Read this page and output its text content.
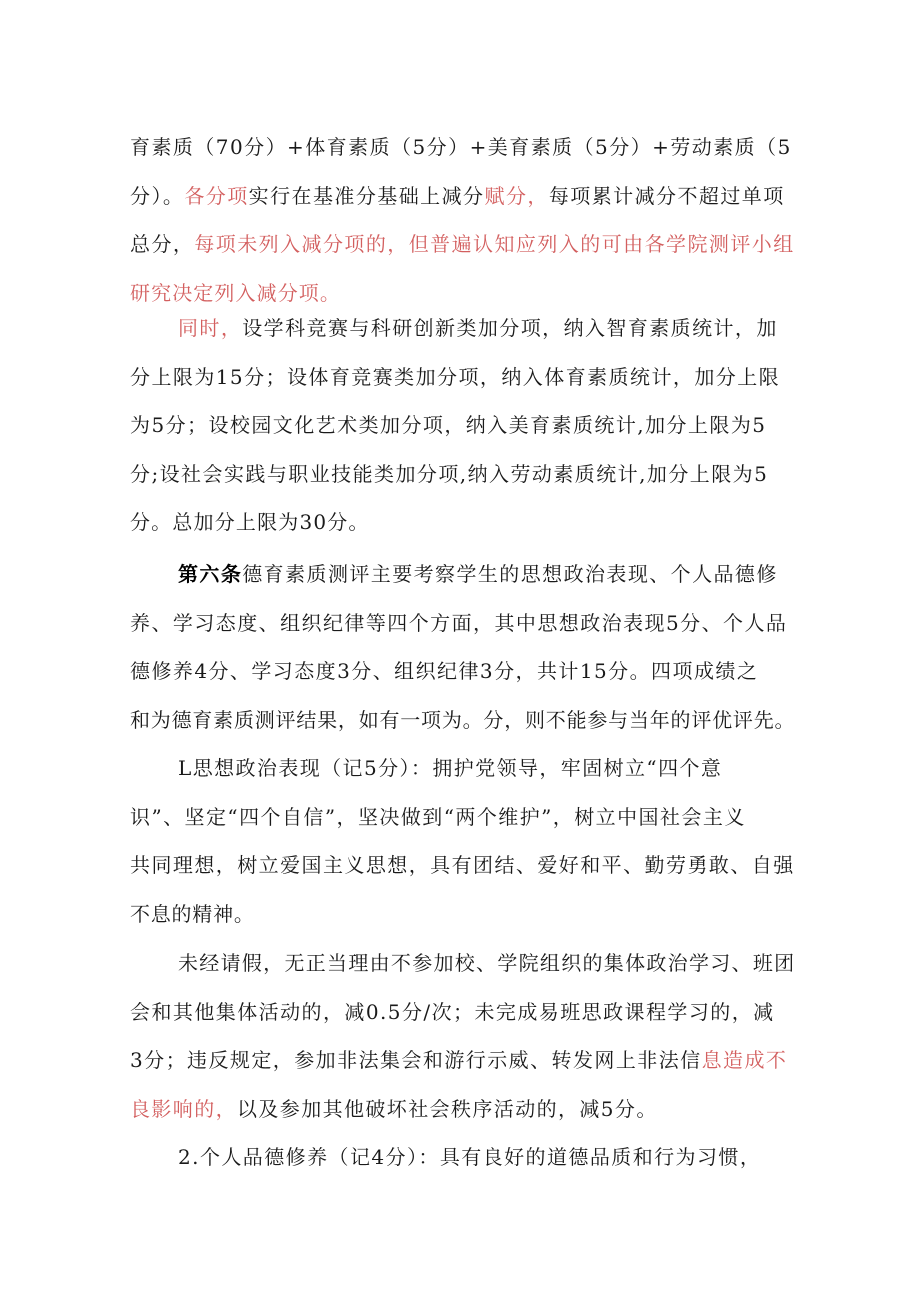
育素质（70分）+体育素质（5分）+美育素质（5分）+劳动素质（5
分）。各分项实行在基准分基础上减分赋分，每项累计减分不超过单项
总分，每项未列入减分项的，但普遍认知应列入的可由各学院测评小组
研究决定列入减分项。
同时，设学科竞赛与科研创新类加分项，纳入智育素质统计，加
分上限为15分；设体育竞赛类加分项，纳入体育素质统计，加分上限
为5分；设校园文化艺术类加分项，纳入美育素质统计,加分上限为5
分;设社会实践与职业技能类加分项,纳入劳动素质统计,加分上限为5
分。总加分上限为30分。
第六条德育素质测评主要考察学生的思想政治表现、个人品德修
养、学习态度、组织纪律等四个方面，其中思想政治表现5分、个人品
德修养4分、学习态度3分、组织纪律3分，共计15分。四项成绩之
和为德育素质测评结果，如有一项为。分，则不能参与当年的评优评先。
L思想政治表现（记5分）：拥护党领导，牢固树立“四个意
识”、坚定“四个自信”，坚决做到“两个维护”，树立中国社会主义
共同理想，树立爱国主义思想，具有团结、爱好和平、勤劳勇敢、自强
不息的精神。
未经请假，无正当理由不参加校、学院组织的集体政治学习、班团
会和其他集体活动的，减0.5分/次；未完成易班思政课程学习的，减
3分；违反规定，参加非法集会和游行示威、转发网上非法信息造成不
良影响的，以及参加其他破坏社会秩序活动的，减5分。
2.个人品德修养（记4分）：具有良好的道德品质和行为习惯，
